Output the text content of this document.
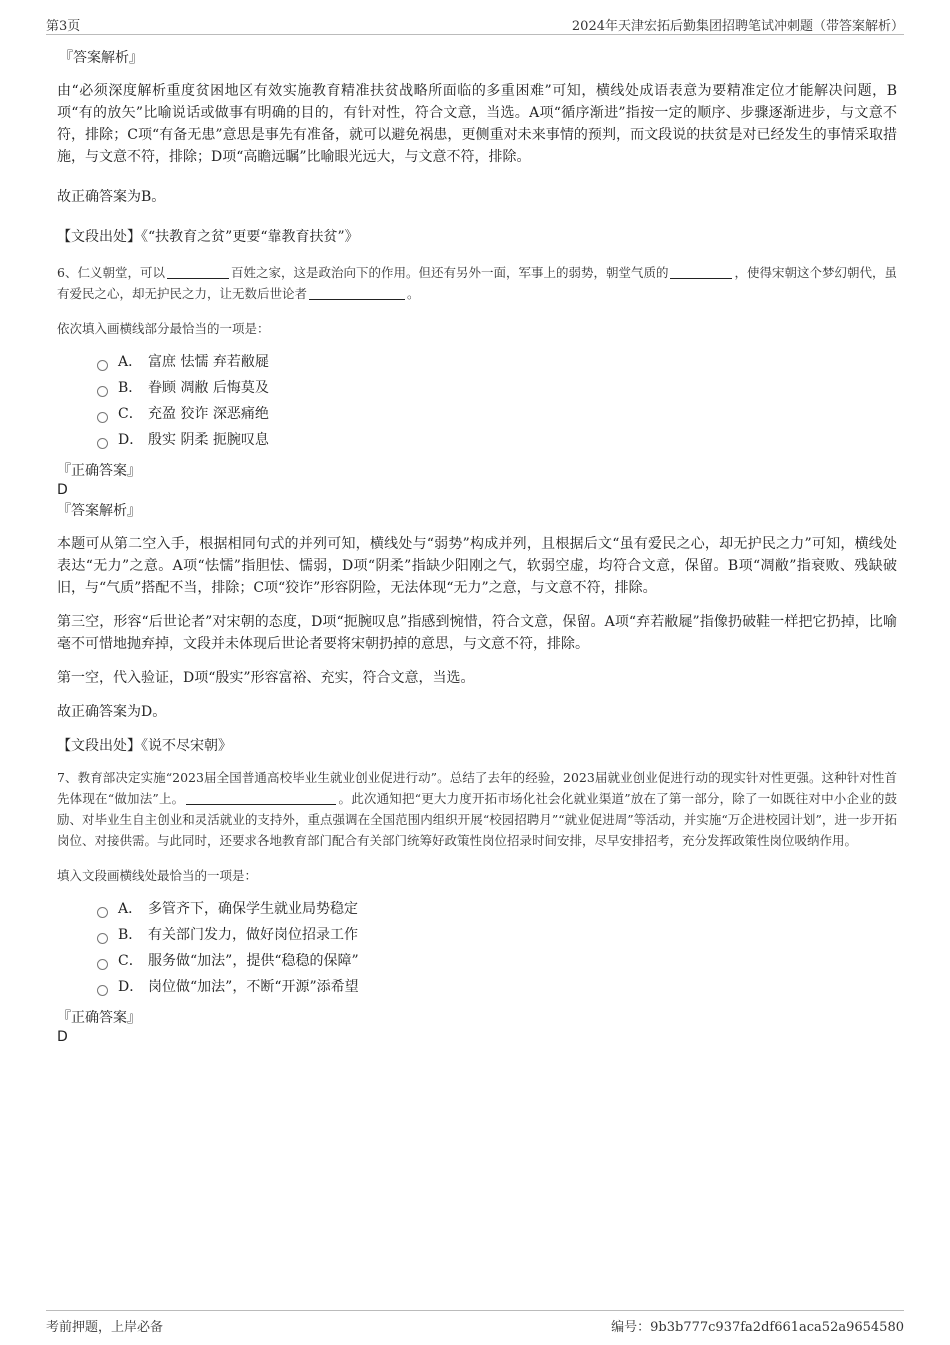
第3页	2024年天津宏拓后勤集团招聘笔试冲刺题（带答案解析）
『答案解析』

由“必须深度解析重度贫困地区有效实施教育精准扶贫战略所面临的多重困难”可知，横线处成语表意为要精准定位才能解决问题，B项“有的放矢”比喻说话或做事有明确的目的，有针对性，符合文意，当选。A项“循序渐进”指按一定的顺序、步骤逐渐进步，与文意不符，排除；C项“有备无患”意思是事先有准备，就可以避免祸患，更侧重对未来事情的预判，而文段说的扶贫是对已经发生的事情采取措施，与文意不符，排除；D项“高瞻远瞩”比喻眼光远大，与文意不符，排除。

故正确答案为B。

【文段出处】《“扶教育之贫”更要“靠教育扶贫”》

6、仁义朝堂，可以	百姓之家，这是政治向下的作用。但还有另外一面，军事上的弱势，朝堂气质的	，使得宋朝这个梦幻朝代，虽有爱民之心，却无护民之力，让无数后世论者	。

依次填入画横线部分最恰当的一项是：

A． 富庶 怯懦 弃若敝屣
B． 眷顾 凋敝 后悔莫及
C． 充盈 狡诈 深恶痛绝
D． 殷实 阴柔 扼腕叹息
『正确答案』
D
『答案解析』

本题可从第二空入手，根据相同句式的并列可知，横线处与“弱势”构成并列，且根据后文“虽有爱民之心，却无护民之力”可知，横线处表达“无力”之意。A项“怯懦”指胆怯、懦弱，D项“阴柔”指缺少阳刚之气，软弱空虚，均符合文意，保留。B项“凋敝”指衰败、残缺破旧，与“气质”搭配不当，排除；C项“狡诈”形容阴险，无法体现“无力”之意，与文意不符，排除。

第三空，形容“后世论者”对宋朝的态度，D项“扼腕叹息”指感到惋惜，符合文意，保留。A项“弃若敝屣”指像扔破鞋一样把它扔掉，比喻毫不可惜地抛弃掉，文段并未体现后世论者要将宋朝扔掉的意思，与文意不符，排除。

第一空，代入验证，D项“殷实”形容富裕、充实，符合文意，当选。

故正确答案为D。

【文段出处】《说不尽宋朝》

7、教育部决定实施“2023届全国普通高校毕业生就业创业促进行动”。总结了去年的经验，2023届就业创业促进行动的现实针对性更强。这种针对性首先体现在“做加法”上。	。此次通知把“更大力度开拓市场化社会化就业渠道”放在了第一部分，除了一如既往对中小企业的鼓励、对毕业生自主创业和灵活就业的支持外，重点强调在全国范围内组织开展“校园招聘月”“就业促进周”等活动，并实施“万企进校园计划”，进一步开拓岗位、对接供需。与此同时，还要求各地教育部门配合有关部门统筹好政策性岗位招录时间安排，尽早安排招考，充分发挥政策性岗位吸纳作用。

填入文段画横线处最恰当的一项是：

A． 多管齐下，确保学生就业局势稳定
B． 有关部门发力，做好岗位招录工作
C． 服务做“加法”，提供“稳稳的保障”
D． 岗位做“加法”，不断“开源”添希望
『正确答案』
D
考前押题，上岸必备	编号：9b3b777c937fa2df661aca52a9654580
